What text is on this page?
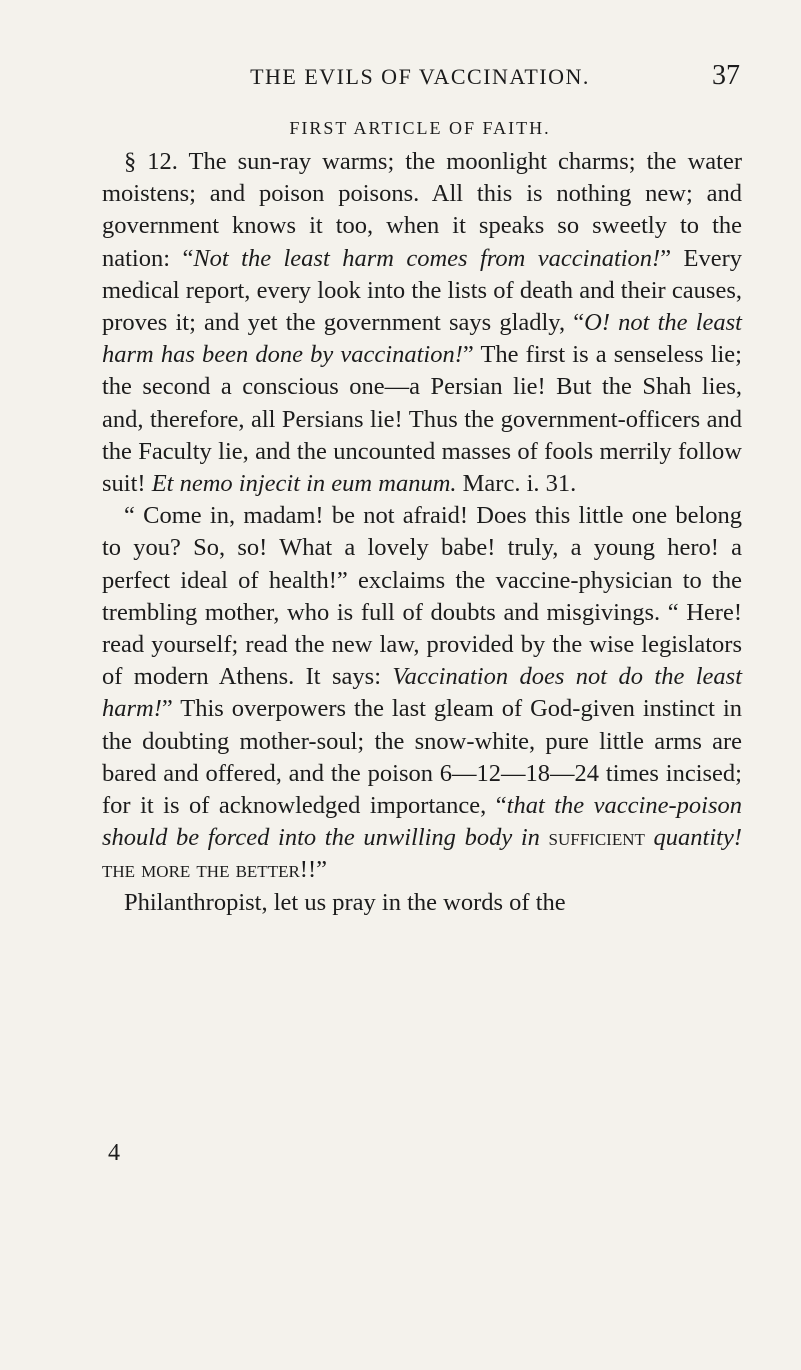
THE EVILS OF VACCINATION.	37
FIRST ARTICLE OF FAITH.

§ 12. The sun-ray warms; the moonlight charms; the water moistens; and poison poisons. All this is nothing new; and government knows it too, when it speaks so sweetly to the nation: “Not the least harm comes from vaccination!” Every medical report, every look into the lists of death and their causes, proves it; and yet the government says gladly, “O! not the least harm has been done by vaccination!” The first is a senseless lie; the second a conscious one—a Persian lie! But the Shah lies, and, therefore, all Persians lie! Thus the government-officers and the Faculty lie, and the uncounted masses of fools merrily follow suit! Et nemo injecit in eum manum. Marc. i. 31.

“ Come in, madam! be not afraid! Does this little one belong to you? So, so! What a lovely babe! truly, a young hero! a perfect ideal of health!” exclaims the vaccine-physician to the trembling mother, who is full of doubts and misgivings. “ Here! read yourself; read the new law, provided by the wise legislators of modern Athens. It says: Vaccination does not do the least harm!” This overpowers the last gleam of God-given instinct in the doubting mother-soul; the snow-white, pure little arms are bared and offered, and the poison 6—12—18—24 times incised; for it is of acknowledged importance, “that the vaccine-poison should be forced into the unwilling body in sufficient quantity! the more the better!!”

Philanthropist, let us pray in the words of the

4
